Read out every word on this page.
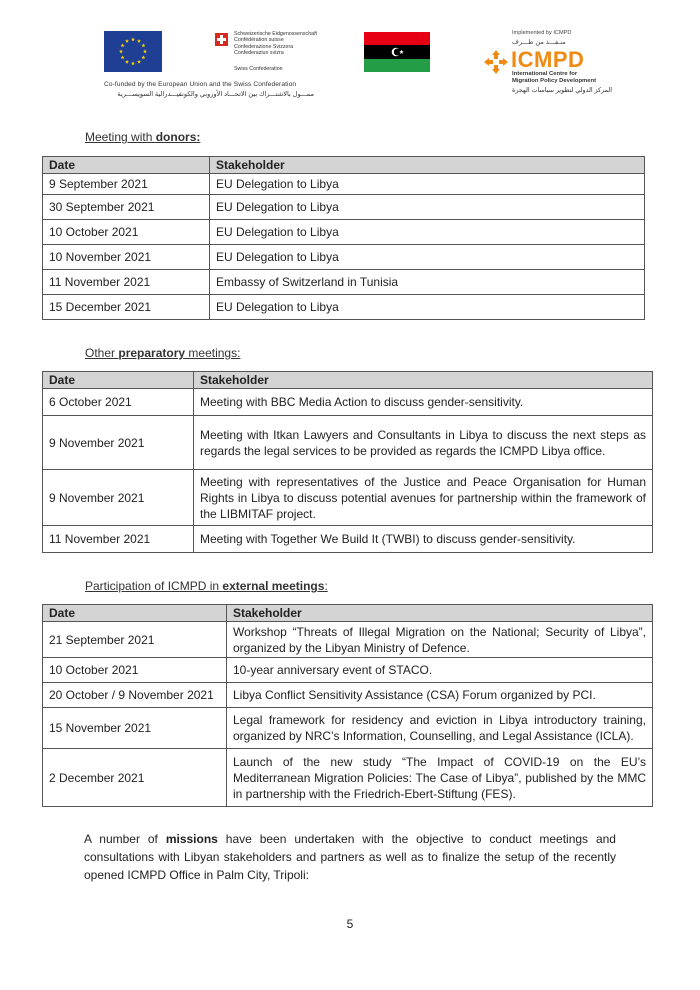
Schweizerische Eidgenossenschaft
Confédération suisse
Confederazione Svizzera
Confederaziun svizra
Swiss Confederation
Co-funded by the European Union and the Swiss Confederation
ممـــول بالاشتـــراك بين الاتحـــاد الأوروبي والكونفيـــدرالية السويســـرية
Implemented by ICMPD
منـفـــذ من طـــرف
ICMPD
International Centre for
Migration Policy Development
المركز الدولي لتطوير سياسات الهجرة
Meeting with donors:
Date	Stakeholder
9 September 2021	EU Delegation to Libya
30 September 2021	EU Delegation to Libya
10 October 2021	EU Delegation to Libya
10 November 2021	EU Delegation to Libya
11 November 2021	Embassy of Switzerland in Tunisia
15 December 2021	EU Delegation to Libya
Other preparatory meetings:
Date	Stakeholder
6 October 2021	Meeting with BBC Media Action to discuss gender-sensitivity.
9 November 2021	Meeting with Itkan Lawyers and Consultants in Libya to discuss the next steps as regards the legal services to be provided as regards the ICMPD Libya office.
9 November 2021	Meeting with representatives of the Justice and Peace Organisation for Human Rights in Libya to discuss potential avenues for partnership within the framework of the LIBMITAF project.
11 November 2021	Meeting with Together We Build It (TWBI) to discuss gender-sensitivity.
Participation of ICMPD in external meetings:
Date	Stakeholder
21 September 2021	Workshop “Threats of Illegal Migration on the National; Security of Libya”, organized by the Libyan Ministry of Defence.
10 October 2021	10-year anniversary event of STACO.
20 October / 9 November 2021	Libya Conflict Sensitivity Assistance (CSA) Forum organized by PCI.
15 November 2021	Legal framework for residency and eviction in Libya introductory training, organized by NRC’s Information, Counselling, and Legal Assistance (ICLA).
2 December 2021	Launch of the new study “The Impact of COVID-19 on the EU’s Mediterranean Migration Policies: The Case of Libya”, published by the MMC in partnership with the Friedrich-Ebert-Stiftung (FES).
A number of missions have been undertaken with the objective to conduct meetings and consultations with Libyan stakeholders and partners as well as to finalize the setup of the recently opened ICMPD Office in Palm City, Tripoli:
5
